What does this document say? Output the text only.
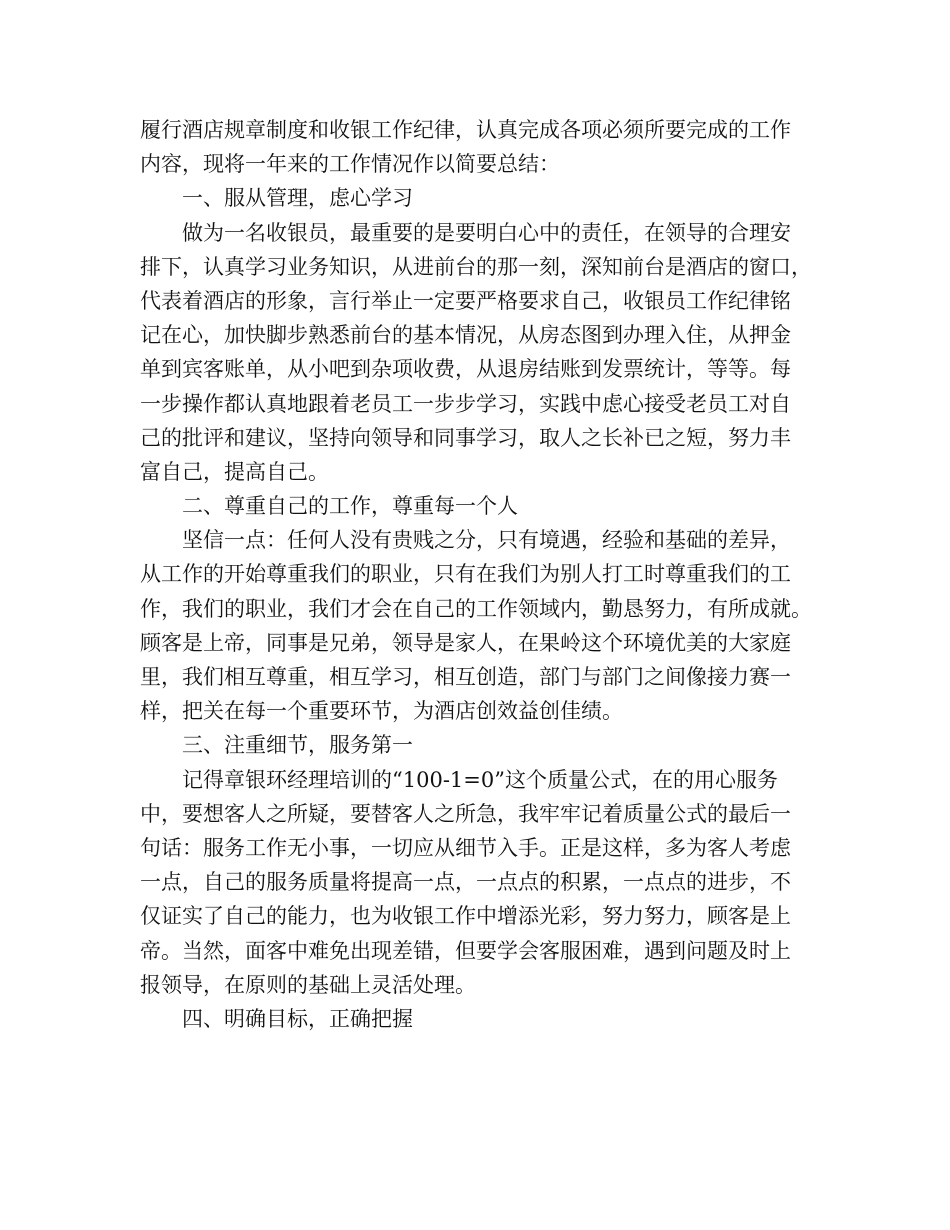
履行酒店规章制度和收银工作纪律，认真完成各项必须所要完成的工作
内容，现将一年来的工作情况作以简要总结：
一、服从管理，虑心学习
做为一名收银员，最重要的是要明白心中的责任，在领导的合理安
排下，认真学习业务知识，从进前台的那一刻，深知前台是酒店的窗口，
代表着酒店的形象，言行举止一定要严格要求自己，收银员工作纪律铭
记在心，加快脚步熟悉前台的基本情况，从房态图到办理入住，从押金
单到宾客账单，从小吧到杂项收费，从退房结账到发票统计，等等。每
一步操作都认真地跟着老员工一步步学习，实践中虑心接受老员工对自
己的批评和建议，坚持向领导和同事学习，取人之长补已之短，努力丰
富自己，提高自己。
二、尊重自己的工作，尊重每一个人
坚信一点：任何人没有贵贱之分，只有境遇，经验和基础的差异，
从工作的开始尊重我们的职业，只有在我们为别人打工时尊重我们的工
作，我们的职业，我们才会在自己的工作领域内，勤恳努力，有所成就。
顾客是上帝，同事是兄弟，领导是家人，在果岭这个环境优美的大家庭
里，我们相互尊重，相互学习，相互创造，部门与部门之间像接力赛一
样，把关在每一个重要环节，为酒店创效益创佳绩。
三、注重细节，服务第一
记得章银环经理培训的“100-1=0”这个质量公式，在的用心服务
中，要想客人之所疑，要替客人之所急，我牢牢记着质量公式的最后一
句话：服务工作无小事，一切应从细节入手。正是这样，多为客人考虑
一点，自己的服务质量将提高一点，一点点的积累，一点点的进步，不
仅证实了自己的能力，也为收银工作中增添光彩，努力努力，顾客是上
帝。当然，面客中难免出现差错，但要学会客服困难，遇到问题及时上
报领导，在原则的基础上灵活处理。
四、明确目标，正确把握
